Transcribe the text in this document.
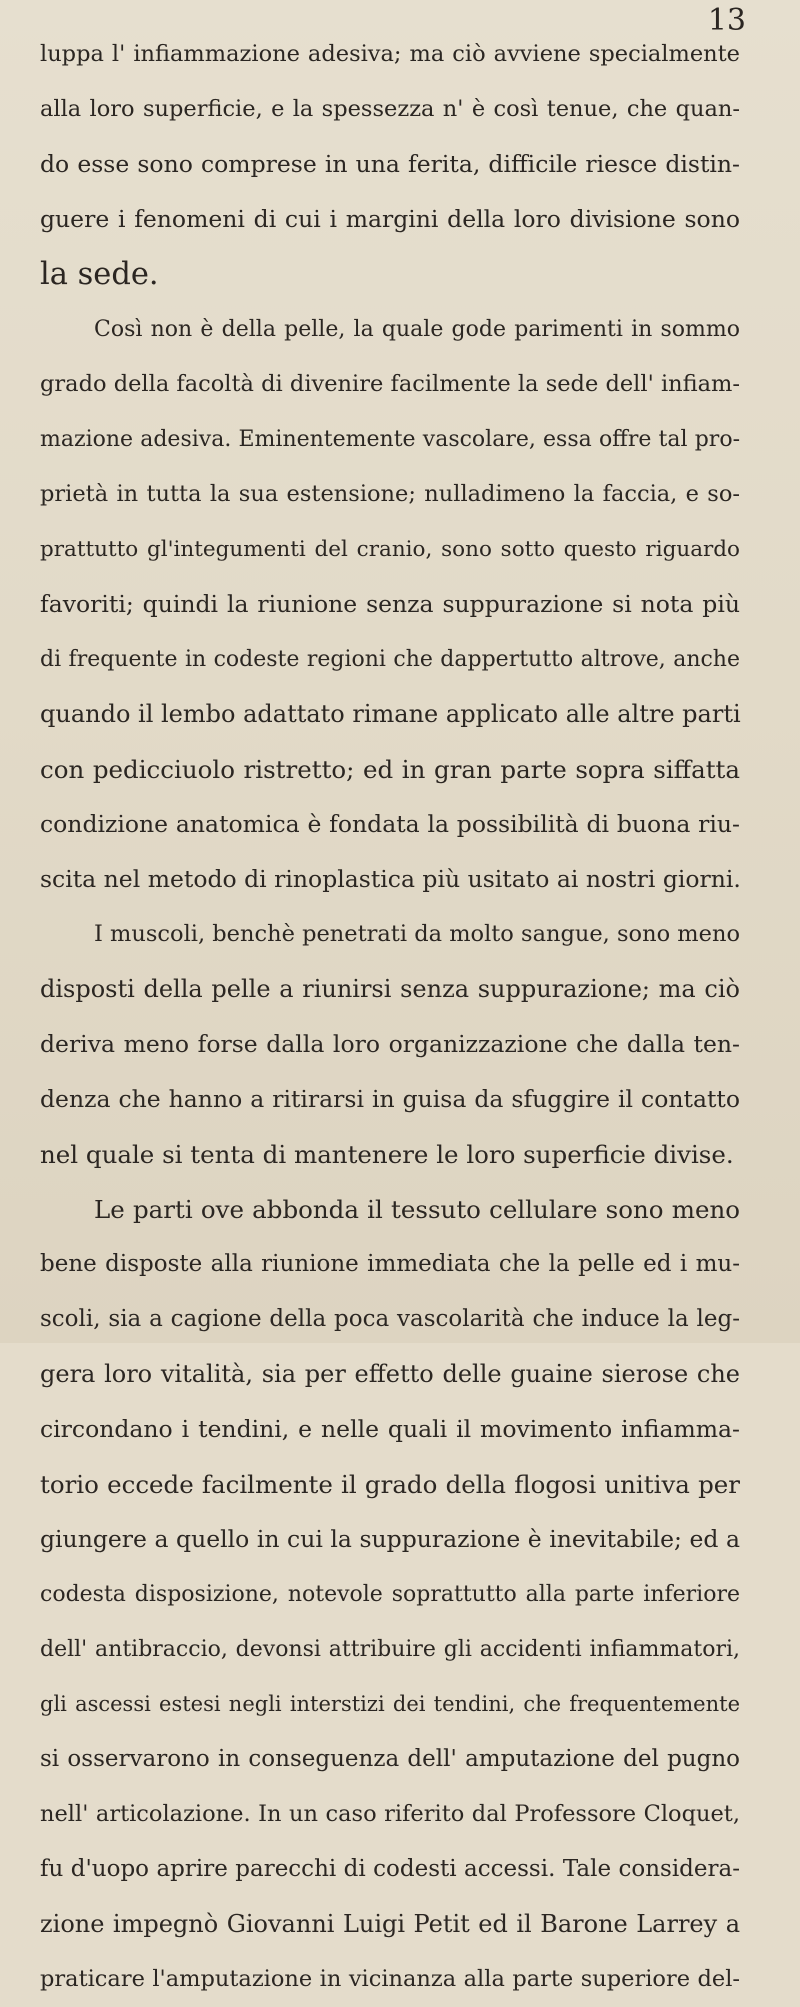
13
luppa l' infiammazione adesiva; ma ciò avviene specialmente
alla loro superficie, e la spessezza n' è così tenue, che quan-
do esse sono comprese in una ferita, difficile riesce distin-
guere i fenomeni di cui i margini della loro divisione sono
la sede.
Così non è della pelle, la quale gode parimenti in sommo
grado della facoltà di divenire facilmente la sede dell' infiam-
mazione adesiva. Eminentemente vascolare, essa offre tal pro-
prietà in tutta la sua estensione; nulladimeno la faccia, e so-
prattutto gl'integumenti del cranio, sono sotto questo riguardo
favoriti; quindi la riunione senza suppurazione si nota più
di frequente in codeste regioni che dappertutto altrove, anche
quando il lembo adattato rimane applicato alle altre parti
con pedicciuolo ristretto; ed in gran parte sopra siffatta
condizione anatomica è fondata la possibilità di buona riu-
scita nel metodo di rinoplastica più usitato ai nostri giorni.
I muscoli, benchè penetrati da molto sangue, sono meno
disposti della pelle a riunirsi senza suppurazione; ma ciò
deriva meno forse dalla loro organizzazione che dalla ten-
denza che hanno a ritirarsi in guisa da sfuggire il contatto
nel quale si tenta di mantenere le loro superficie divise.
Le parti ove abbonda il tessuto cellulare sono meno
bene disposte alla riunione immediata che la pelle ed i mu-
scoli, sia a cagione della poca vascolarità che induce la leg-
gera loro vitalità, sia per effetto delle guaine sierose che
circondano i tendini, e nelle quali il movimento infiamma-
torio eccede facilmente il grado della flogosi unitiva per
giungere a quello in cui la suppurazione è inevitabile; ed a
codesta disposizione, notevole soprattutto alla parte inferiore
dell' antibraccio, devonsi attribuire gli accidenti infiammatori,
gli ascessi estesi negli interstizi dei tendini, che frequentemente
si osservarono in conseguenza dell' amputazione del pugno
nell' articolazione. In un caso riferito dal Professore Cloquet,
fu d'uopo aprire parecchi di codesti accessi. Tale considera-
zione impegnò Giovanni Luigi Petit ed il Barone Larrey a
praticare l'amputazione in vicinanza alla parte superiore del-
